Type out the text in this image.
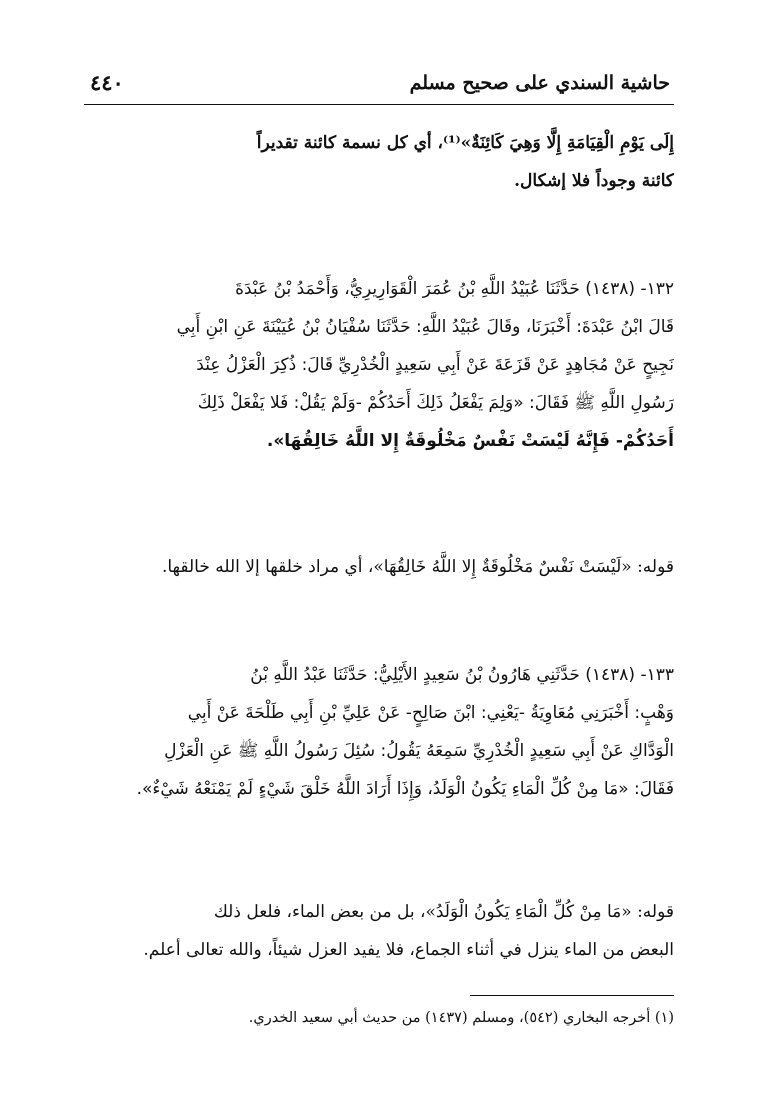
حاشية السندي على صحيح مسلم
٤٤٠
إِلَى يَوْمِ الْقِيَامَةِ إِلَّا وَهِيَ كَائِنَةٌ»⁽¹⁾، أي كل نسمة كائنة تقديراً
كائنة وجوداً فلا إشكال.
١٣٢- (١٤٣٨) حَدَّثَنَا عُبَيْدُ اللَّهِ بْنُ عُمَرَ الْقَوَارِيرِيُّ، وَأَحْمَدُ بْنُ عَبْدَةَ
قَالَ ابْنُ عَبْدَةَ: أَخْبَرَنَا، وقَالَ عُبَيْدُ اللَّهِ: حَدَّثَنَا سُفْيَانُ بْنُ عُيَيْنَةَ عَنِ ابْنِ أَبِي
نَجِيحٍ عَنْ مُجَاهِدٍ عَنْ قَزَعَةَ عَنْ أَبِي سَعِيدٍ الْخُدْرِيِّ قَالَ: ذُكِرَ الْعَزْلُ عِنْدَ
رَسُولِ اللَّهِ ﷺ فَقَالَ: «وَلِمَ يَفْعَلُ ذَلِكَ أَحَدُكُمْ -وَلَمْ يَقُلْ: فَلا يَفْعَلْ ذَلِكَ
أَحَدُكُمْ- فَإِنَّهُ لَيْسَتْ نَفْسٌ مَخْلُوقَةٌ إِلا اللَّهُ خَالِقُهَا».
قوله: «لَيْسَتْ نَفْسٌ مَخْلُوقَةٌ إِلا اللَّهُ خَالِقُهَا»، أي مراد خلقها إلا الله خالقها.
١٣٣- (١٤٣٨) حَدَّثَنِي هَارُونُ بْنُ سَعِيدٍ الأَيْلِيُّ: حَدَّثَنَا عَبْدُ اللَّهِ بْنُ
وَهْبٍ: أَخْبَرَنِي مُعَاوِيَةُ -يَعْنِي: ابْنَ صَالِحٍ- عَنْ عَلِيِّ بْنِ أَبِي طَلْحَةَ عَنْ أَبِي
الْوَدَّاكِ عَنْ أَبِي سَعِيدٍ الْخُدْرِيِّ سَمِعَهُ يَقُولُ: سُئِلَ رَسُولُ اللَّهِ ﷺ عَنِ الْعَزْلِ
فَقَالَ: «مَا مِنْ كُلِّ الْمَاءِ يَكُونُ الْوَلَدُ، وَإِذَا أَرَادَ اللَّهُ خَلْقَ شَيْءٍ لَمْ يَمْنَعْهُ شَيْءٌ».
قوله: «مَا مِنْ كُلِّ الْمَاءِ يَكُونُ الْوَلَدُ»، بل من بعض الماء، فلعل ذلك
البعض من الماء ينزل في أثناء الجماع، فلا يفيد العزل شيئاً، والله تعالى أعلم.
(١) أخرجه البخاري (٥٤٢)، ومسلم (١٤٣٧) من حديث أبي سعيد الخدري.
